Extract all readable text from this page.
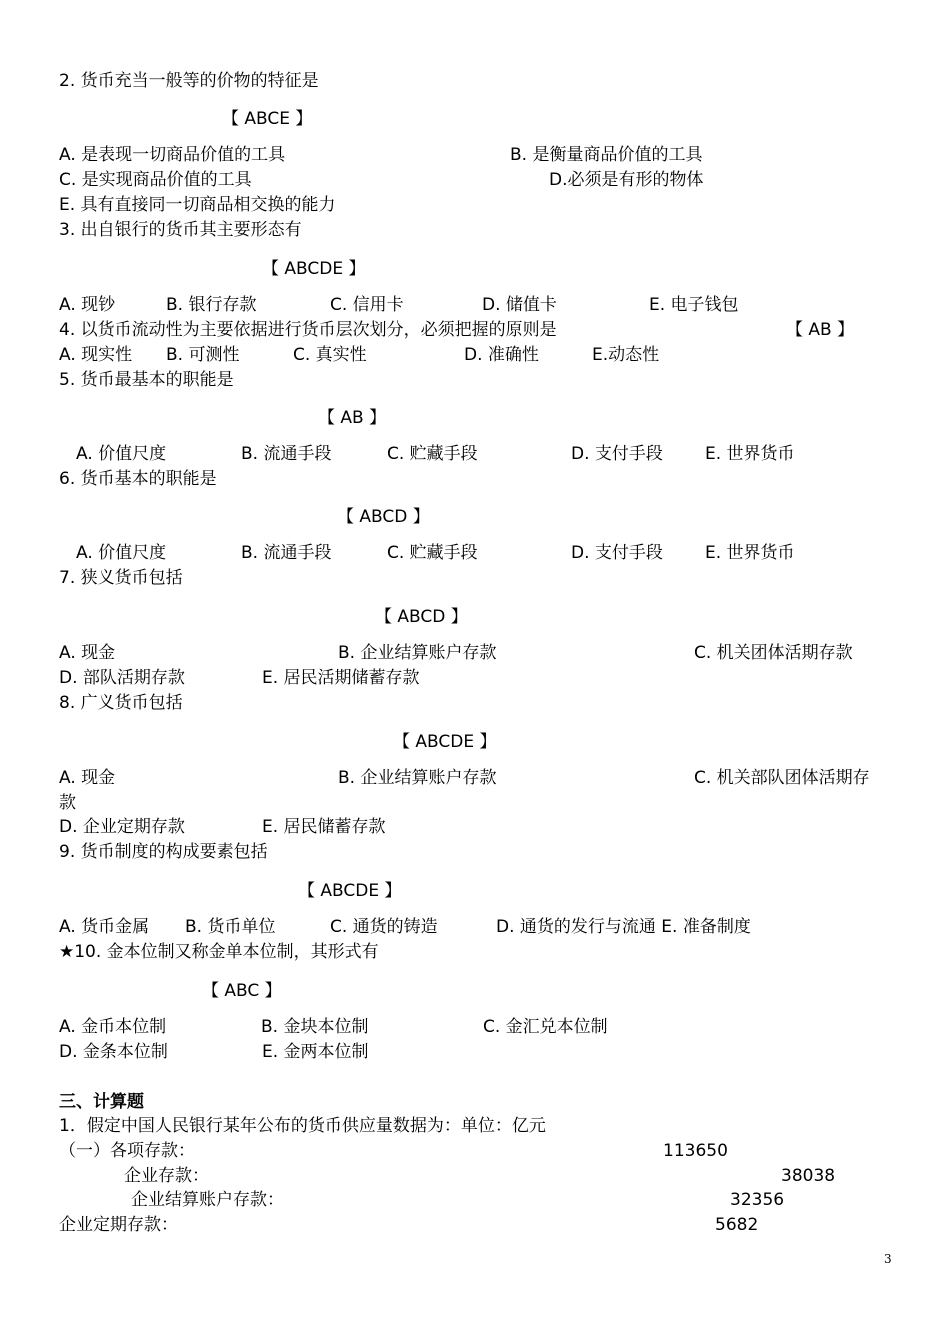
2. 货币充当一般等的价物的特征是
【 ABCE 】
A. 是表现一切商品价值的工具	B. 是衡量商品价值的工具
C. 是实现商品价值的工具	D.必须是有形的物体
E. 具有直接同一切商品相交换的能力
3. 出自银行的货币其主要形态有
【 ABCDE 】
A. 现钞	B. 银行存款	C. 信用卡	D. 储值卡	E. 电子钱包
4. 以货币流动性为主要依据进行货币层次划分，必须把握的原则是	【 AB 】
A. 现实性 B. 可测性	C. 真实性	D. 准确性	E.动态性
5. 货币最基本的职能是
【 AB 】
A. 价值尺度	B. 流通手段	C. 贮藏手段	D. 支付手段 E. 世界货币
6. 货币基本的职能是
【 ABCD 】
A. 价值尺度	B. 流通手段	C. 贮藏手段	D. 支付手段 E. 世界货币
7. 狭义货币包括
【 ABCD 】
A. 现金	B. 企业结算账户存款	C. 机关团体活期存款
D. 部队活期存款	E. 居民活期储蓄存款
8. 广义货币包括
【 ABCDE 】
A. 现金	B. 企业结算账户存款	C. 机关部队团体活期存
款
D. 企业定期存款	E. 居民储蓄存款
9. 货币制度的构成要素包括
【 ABCDE 】
A. 货币金属 B. 货币单位	C. 通货的铸造	D. 通货的发行与流通 E. 准备制度
★10. 金本位制又称金单本位制，其形式有
【 ABC 】
A. 金币本位制	B. 金块本位制	C. 金汇兑本位制
D. 金条本位制	E. 金两本位制
三、计算题
1．假定中国人民银行某年公布的货币供应量数据为：单位：亿元
（一）各项存款：	113650
企业存款：	38038
企业结算账户存款：	32356
企业定期存款：	5682
3
